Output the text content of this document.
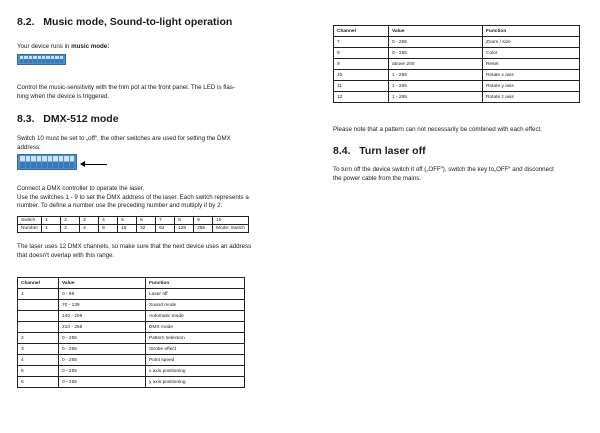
8.2. Music mode, Sound-to-light operation
Your device runs in music mode:
Control the music-sensitivity with the trim pot at the front panel. The LED is flas-
hing when the device is triggered.
8.3. DMX-512 mode
Switch 10 must be set to „off“, the other switches are used for setting the DMX
address:
Connect a DMX controller to operate the laser.
Use the switches 1 - 9 to set the DMX address of the laser. Each switch represents a
number. To define a number use the preceding number and multiply it by 2:
Switch	1	2	3	4	5	6	7	8	9	10
Number	1	2	4	8	16	32	64	128	256	Mode: Switch
The laser uses 12 DMX channels, so make sure that the next device uses an address
that doesn‘t overlap with this range.
Channel	Value	Function
1	0 - 69	Laser off
	70 - 139	Sound mode
	140 - 209	Automatic mode
	210 - 255	DMX mode
2	0 - 255	Pattern selection
3	0 - 255	Strobe effect
4	0 - 255	Point speed
5	0 - 255	x axis positioning
6	0 - 255	y axis positioning
Channel	Value	Function
7	0 - 255	Zoom / size
8	0 - 255	Color
9	above 200	Reset
10	1 - 255	Rotate x axis
11	1 - 255	Rotate y axis
12	1 - 255	Rotate z axis
Please note that a pattern can not necessarily be combined with each effect.
8.4. Turn laser off
To turn off the device switch it off („OFF“), switch the key to„OFF“ and disconnect
the power cable from the mains.
